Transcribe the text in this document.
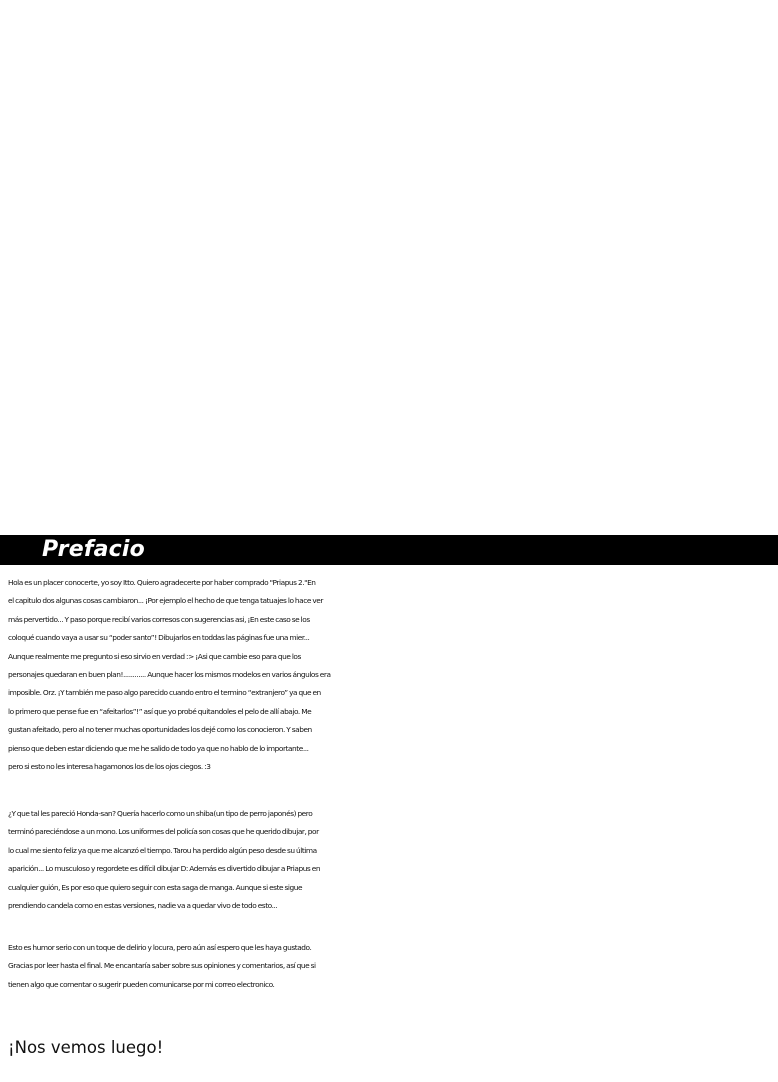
Prefacio
Hola es un placer conocerte, yo soy Itto. Quiero agradecerte por haber comprado "Priapus 2."En
el capitulo dos algunas cosas cambiaron... ¡Por ejemplo el hecho de que tenga tatuajes lo hace ver
más pervertido... Y paso porque recibí varios corresos con sugerencias asi, ¡En este caso se los
coloqué cuando vaya a usar su “poder santo”! Dibujarlos en toddas las páginas fue una mier...
Aunque realmente me pregunto si eso sirvio en verdad :> ¡Asi que cambie eso para que los
personajes quedaran en buen plan!............ Aunque hacer los mismos modelos en varios ángulos era
imposible. Orz. ¡Y también me paso algo parecido cuando entro el termino “extranjero” ya que en
lo primero que pense fue en “afeitarlos”!” así que yo probé quitandoles el pelo de allí abajo. Me
gustan afeitado, pero al no tener muchas oportunidades los dejé como los conocieron. Y saben
pienso que deben estar diciendo que me he salido de todo ya que no hablo de lo importante...
pero si esto no les interesa hagamonos los de los ojos ciegos. :3
¿Y que tal les pareció Honda-san? Quería hacerlo como un shiba(un tipo de perro japonés) pero
terminó pareciéndose a un mono. Los uniformes del policía son cosas que he querido dibujar, por
lo cual me siento feliz ya que me alcanzó el tiempo. Tarou ha perdido algún peso desde su última
aparición... Lo musculoso y regordete es difícil dibujar D: Además es divertido dibujar a Priapus en
cualquier guión, Es por eso que quiero seguir con esta saga de manga. Aunque si este sigue
prendiendo candela como en estas versiones, nadie va a quedar vivo de todo esto...
Esto es humor serio con un toque de delirio y locura, pero aún así espero que les haya gustado.
Gracias por leer hasta el final. Me encantaría saber sobre sus opiniones y comentarios, así que si
tienen algo que comentar o sugerir pueden comunicarse por mi correo electronico.

¡Nos vemos luego!
